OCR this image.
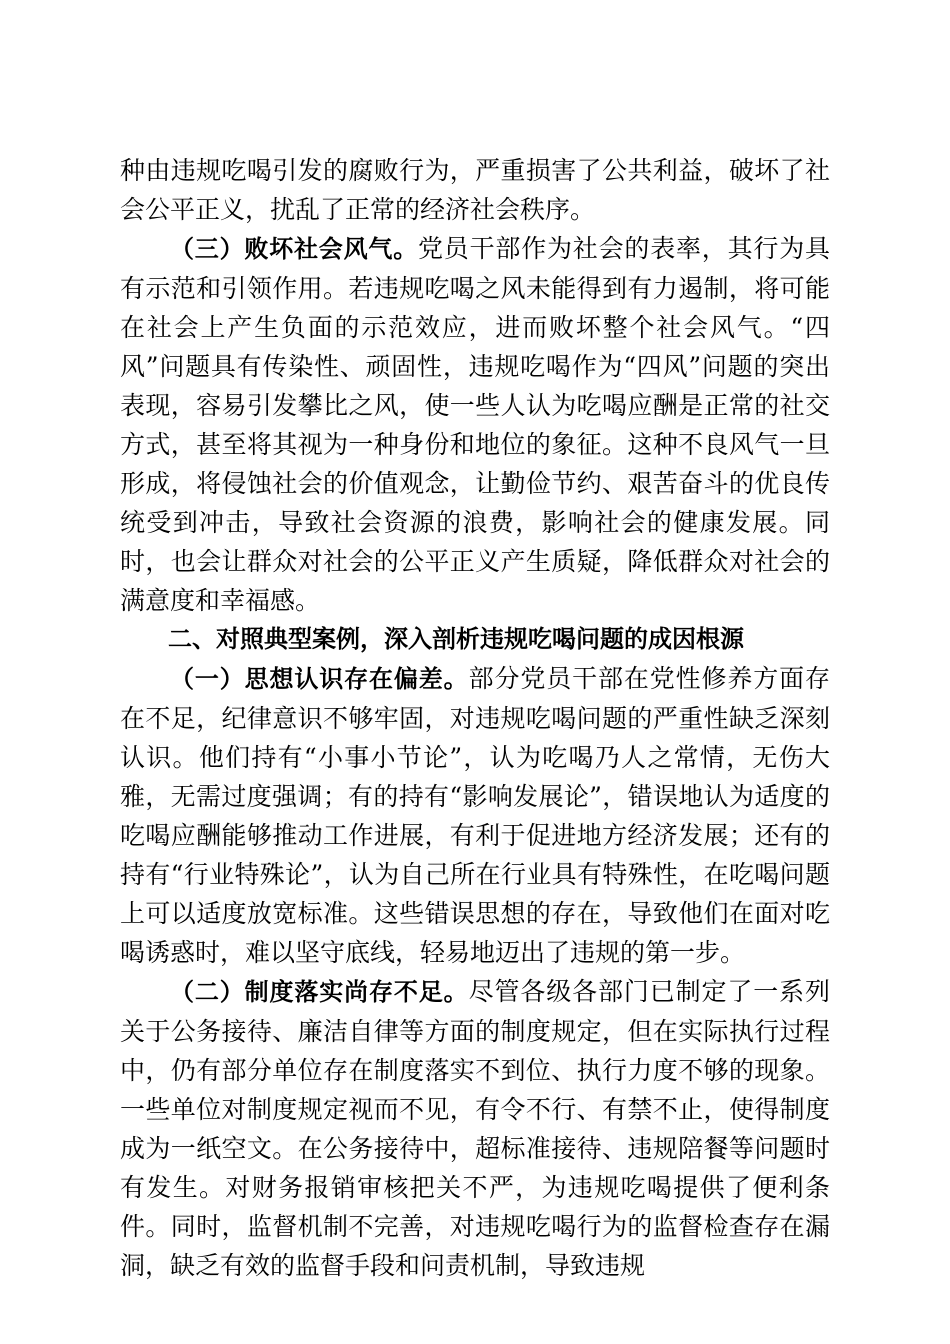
种由违规吃喝引发的腐败行为，严重损害了公共利益，破坏了社会公平正义，扰乱了正常的经济社会秩序。

（三）败坏社会风气。党员干部作为社会的表率，其行为具有示范和引领作用。若违规吃喝之风未能得到有力遏制，将可能在社会上产生负面的示范效应，进而败坏整个社会风气。“四风”问题具有传染性、顽固性，违规吃喝作为“四风”问题的突出表现，容易引发攀比之风，使一些人认为吃喝应酬是正常的社交方式，甚至将其视为一种身份和地位的象征。这种不良风气一旦形成，将侵蚀社会的价值观念，让勤俭节约、艰苦奋斗的优良传统受到冲击，导致社会资源的浪费，影响社会的健康发展。同时，也会让群众对社会的公平正义产生质疑，降低群众对社会的满意度和幸福感。

二、对照典型案例，深入剖析违规吃喝问题的成因根源

（一）思想认识存在偏差。部分党员干部在党性修养方面存在不足，纪律意识不够牢固，对违规吃喝问题的严重性缺乏深刻认识。他们持有“小事小节论”，认为吃喝乃人之常情，无伤大雅，无需过度强调；有的持有“影响发展论”，错误地认为适度的吃喝应酬能够推动工作进展，有利于促进地方经济发展；还有的持有“行业特殊论”，认为自己所在行业具有特殊性，在吃喝问题上可以适度放宽标准。这些错误思想的存在，导致他们在面对吃喝诱惑时，难以坚守底线，轻易地迈出了违规的第一步。

（二）制度落实尚存不足。尽管各级各部门已制定了一系列关于公务接待、廉洁自律等方面的制度规定，但在实际执行过程中，仍有部分单位存在制度落实不到位、执行力度不够的现象。一些单位对制度规定视而不见，有令不行、有禁不止，使得制度成为一纸空文。在公务接待中，超标准接待、违规陪餐等问题时有发生。对财务报销审核把关不严，为违规吃喝提供了便利条件。同时，监督机制不完善，对违规吃喝行为的监督检查存在漏洞，缺乏有效的监督手段和问责机制，导致违规
